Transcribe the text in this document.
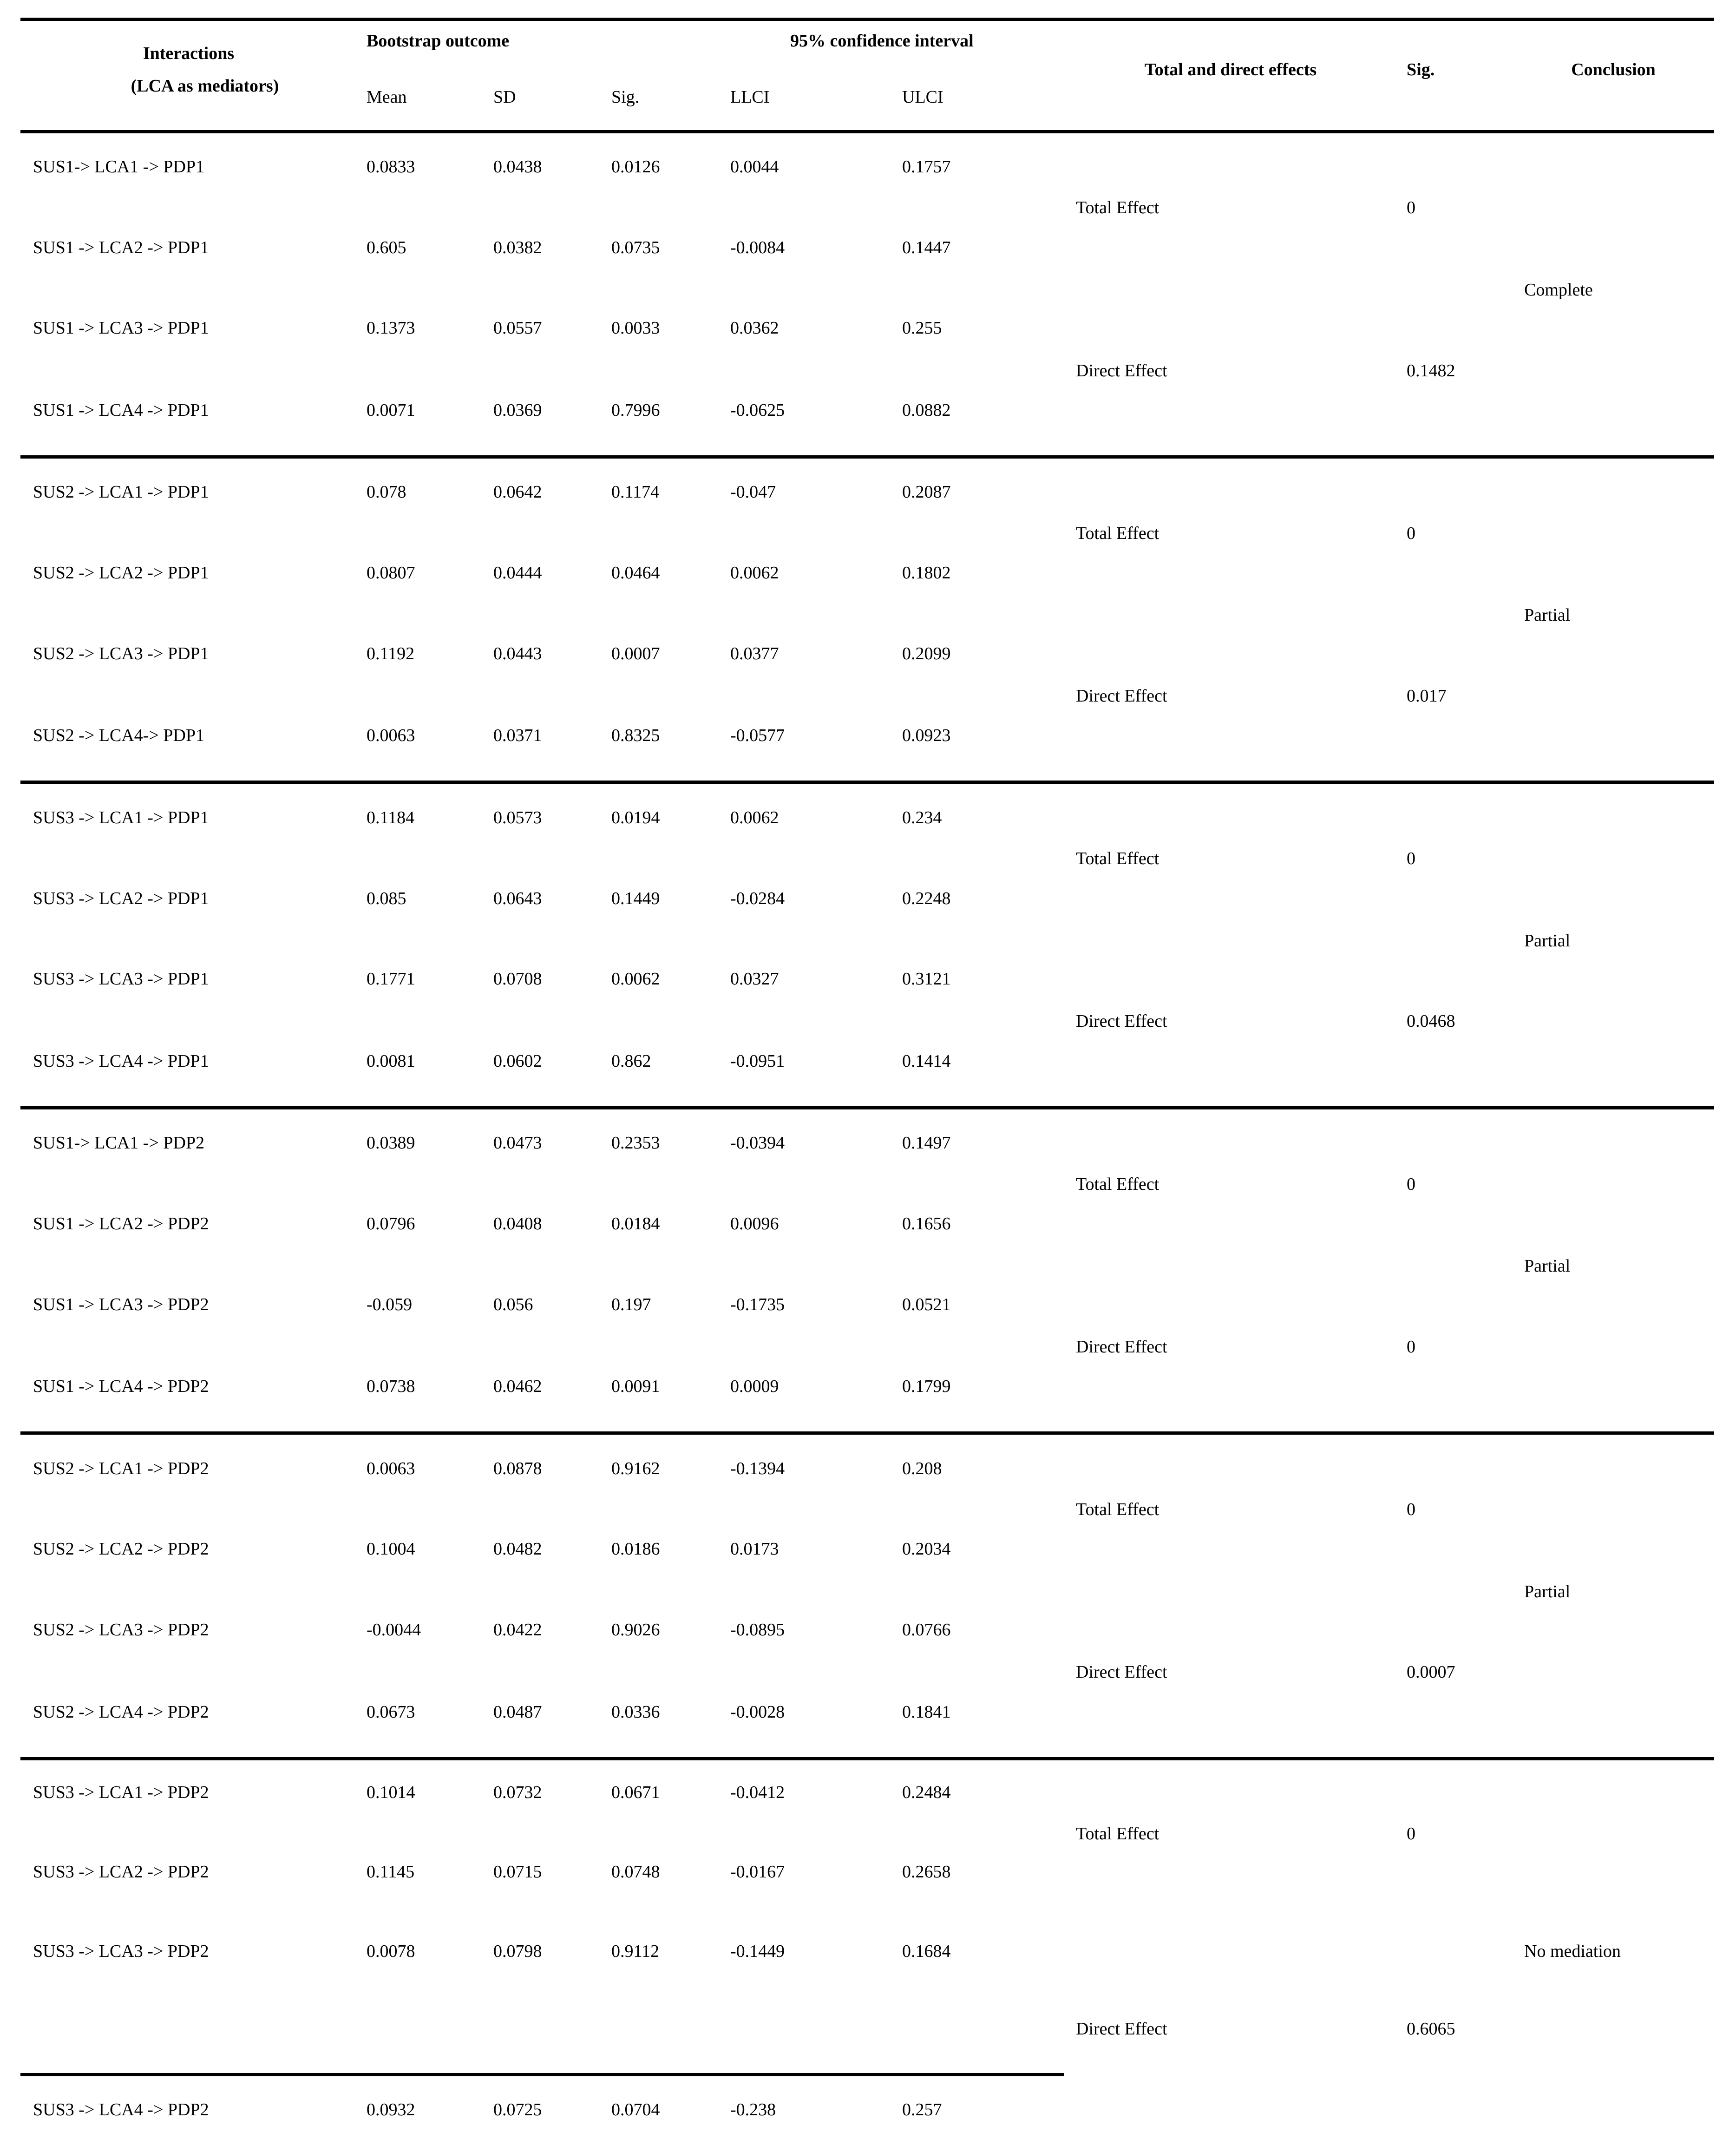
Interactions
(LCA as mediators)
Bootstrap outcome	95% confidence interval
Mean	SD	Sig.	LLCI	ULCI
Total and direct effects	Sig.	Conclusion
SUS1-> LCA1 -> PDP1	0.0833	0.0438	0.0126	0.0044	0.1757
SUS1 -> LCA2 -> PDP1	0.605	0.0382	0.0735	-0.0084	0.1447
SUS1 -> LCA3 -> PDP1	0.1373	0.0557	0.0033	0.0362	0.255
SUS1 -> LCA4 -> PDP1	0.0071	0.0369	0.7996	-0.0625	0.0882
Total Effect	0
Direct Effect	0.1482
Complete
SUS2 -> LCA1 -> PDP1	0.078	0.0642	0.1174	-0.047	0.2087
SUS2 -> LCA2 -> PDP1	0.0807	0.0444	0.0464	0.0062	0.1802
SUS2 -> LCA3 -> PDP1	0.1192	0.0443	0.0007	0.0377	0.2099
SUS2 -> LCA4-> PDP1	0.0063	0.0371	0.8325	-0.0577	0.0923
Total Effect	0
Direct Effect	0.017
Partial
SUS3 -> LCA1 -> PDP1	0.1184	0.0573	0.0194	0.0062	0.234
SUS3 -> LCA2 -> PDP1	0.085	0.0643	0.1449	-0.0284	0.2248
SUS3 -> LCA3 -> PDP1	0.1771	0.0708	0.0062	0.0327	0.3121
SUS3 -> LCA4 -> PDP1	0.0081	0.0602	0.862	-0.0951	0.1414
Total Effect	0
Direct Effect	0.0468
Partial
SUS1-> LCA1 -> PDP2	0.0389	0.0473	0.2353	-0.0394	0.1497
SUS1 -> LCA2 -> PDP2	0.0796	0.0408	0.0184	0.0096	0.1656
SUS1 -> LCA3 -> PDP2	-0.059	0.056	0.197	-0.1735	0.0521
SUS1 -> LCA4 -> PDP2	0.0738	0.0462	0.0091	0.0009	0.1799
Total Effect	0
Direct Effect	0
Partial
SUS2 -> LCA1 -> PDP2	0.0063	0.0878	0.9162	-0.1394	0.208
SUS2 -> LCA2 -> PDP2	0.1004	0.0482	0.0186	0.0173	0.2034
SUS2 -> LCA3 -> PDP2	-0.0044	0.0422	0.9026	-0.0895	0.0766
SUS2 -> LCA4 -> PDP2	0.0673	0.0487	0.0336	-0.0028	0.1841
Total Effect	0
Direct Effect	0.0007
Partial
SUS3 -> LCA1 -> PDP2	0.1014	0.0732	0.0671	-0.0412	0.2484
SUS3 -> LCA2 -> PDP2	0.1145	0.0715	0.0748	-0.0167	0.2658
SUS3 -> LCA3 -> PDP2	0.0078	0.0798	0.9112	-0.1449	0.1684
SUS3 -> LCA4 -> PDP2	0.0932	0.0725	0.0704	-0.238	0.257
Total Effect	0
Direct Effect	0.6065
No mediation
